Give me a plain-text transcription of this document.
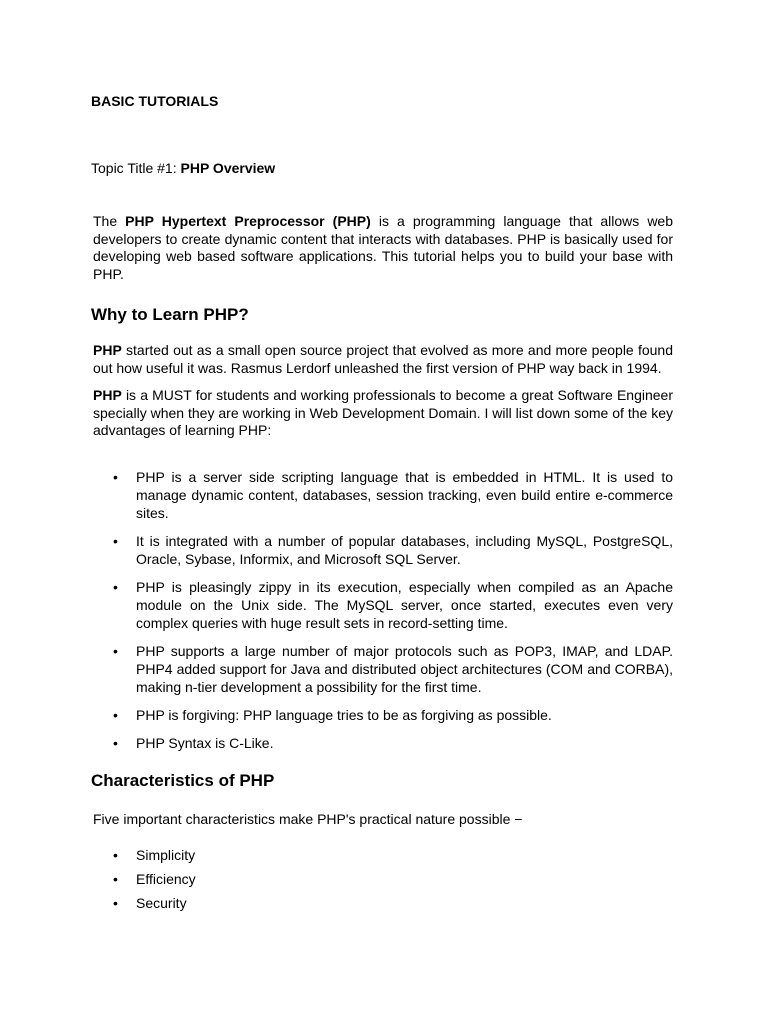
BASIC TUTORIALS

Topic Title #1: PHP Overview

The PHP Hypertext Preprocessor (PHP) is a programming language that allows web developers to create dynamic content that interacts with databases. PHP is basically used for developing web based software applications. This tutorial helps you to build your base with PHP.

Why to Learn PHP?

PHP started out as a small open source project that evolved as more and more people found out how useful it was. Rasmus Lerdorf unleashed the first version of PHP way back in 1994.

PHP is a MUST for students and working professionals to become a great Software Engineer specially when they are working in Web Development Domain. I will list down some of the key advantages of learning PHP:

• PHP is a server side scripting language that is embedded in HTML. It is used to manage dynamic content, databases, session tracking, even build entire e-commerce sites.
• It is integrated with a number of popular databases, including MySQL, PostgreSQL, Oracle, Sybase, Informix, and Microsoft SQL Server.
• PHP is pleasingly zippy in its execution, especially when compiled as an Apache module on the Unix side. The MySQL server, once started, executes even very complex queries with huge result sets in record-setting time.
• PHP supports a large number of major protocols such as POP3, IMAP, and LDAP. PHP4 added support for Java and distributed object architectures (COM and CORBA), making n-tier development a possibility for the first time.
• PHP is forgiving: PHP language tries to be as forgiving as possible.
• PHP Syntax is C-Like.
Characteristics of PHP

Five important characteristics make PHP's practical nature possible −

• Simplicity
• Efficiency
• Security
